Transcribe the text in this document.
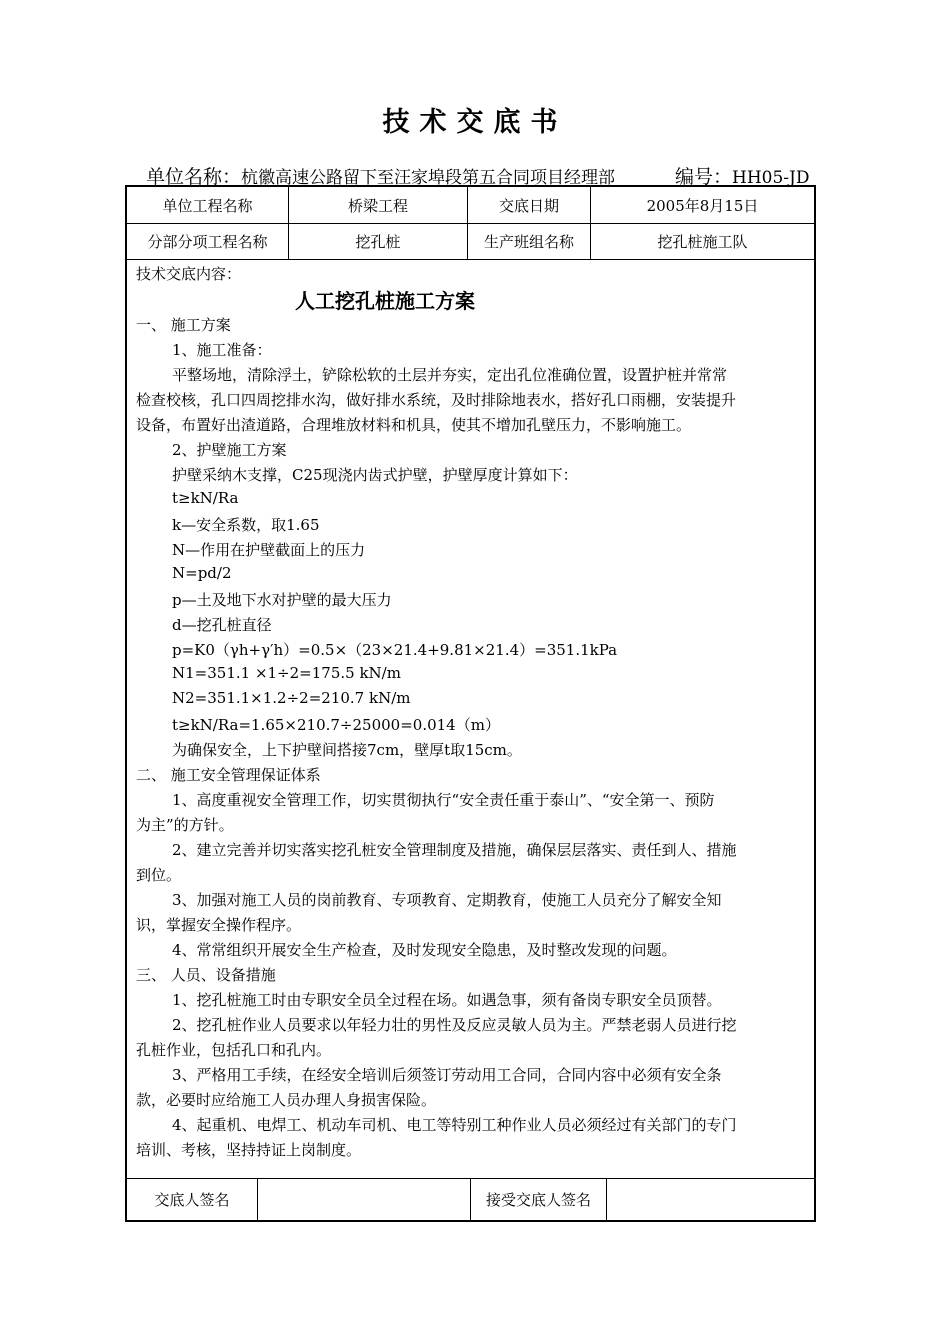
技术交底书
单位名称：杭徽高速公路留下至汪家埠段第五合同项目经理部	编号：HH05-JD
单位工程名称	桥梁工程	交底日期	2005年8月15日
分部分项工程名称	挖孔桩	生产班组名称	挖孔桩施工队
交底人签名	接受交底人签名
技术交底内容：
人工挖孔桩施工方案
一、 施工方案
1、施工准备：
平整场地，清除浮土，铲除松软的土层并夯实，定出孔位准确位置，设置护桩并常常
检查校核，孔口四周挖排水沟，做好排水系统，及时排除地表水，搭好孔口雨棚，安装提升
设备，布置好出渣道路，合理堆放材料和机具，使其不增加孔壁压力，不影响施工。
2、护壁施工方案
护壁采纳木支撑，C25现浇内齿式护壁，护壁厚度计算如下：
t≥kN/Ra
k—安全系数，取1.65
N—作用在护壁截面上的压力
N=pd/2
p—土及地下水对护壁的最大压力
d—挖孔桩直径
p=K0（γh+γ′h）=0.5×（23×21.4+9.81×21.4）=351.1kPa
N1=351.1 ×1÷2=175.5 kN/m
N2=351.1×1.2÷2=210.7 kN/m
t≥kN/Ra=1.65×210.7÷25000=0.014（m）
为确保安全，上下护壁间搭接7cm，壁厚t取15cm。
二、 施工安全管理保证体系
1、高度重视安全管理工作，切实贯彻执行“安全责任重于泰山”、“安全第一、预防
为主”的方针。
2、建立完善并切实落实挖孔桩安全管理制度及措施，确保层层落实、责任到人、措施
到位。
3、加强对施工人员的岗前教育、专项教育、定期教育，使施工人员充分了解安全知
识，掌握安全操作程序。
4、常常组织开展安全生产检查，及时发现安全隐患，及时整改发现的问题。
三、 人员、设备措施
1、挖孔桩施工时由专职安全员全过程在场。如遇急事，须有备岗专职安全员顶替。
2、挖孔桩作业人员要求以年轻力壮的男性及反应灵敏人员为主。严禁老弱人员进行挖
孔桩作业，包括孔口和孔内。
3、严格用工手续，在经安全培训后须签订劳动用工合同，合同内容中必须有安全条
款，必要时应给施工人员办理人身损害保险。
4、起重机、电焊工、机动车司机、电工等特别工种作业人员必须经过有关部门的专门
培训、考核，坚持持证上岗制度。
